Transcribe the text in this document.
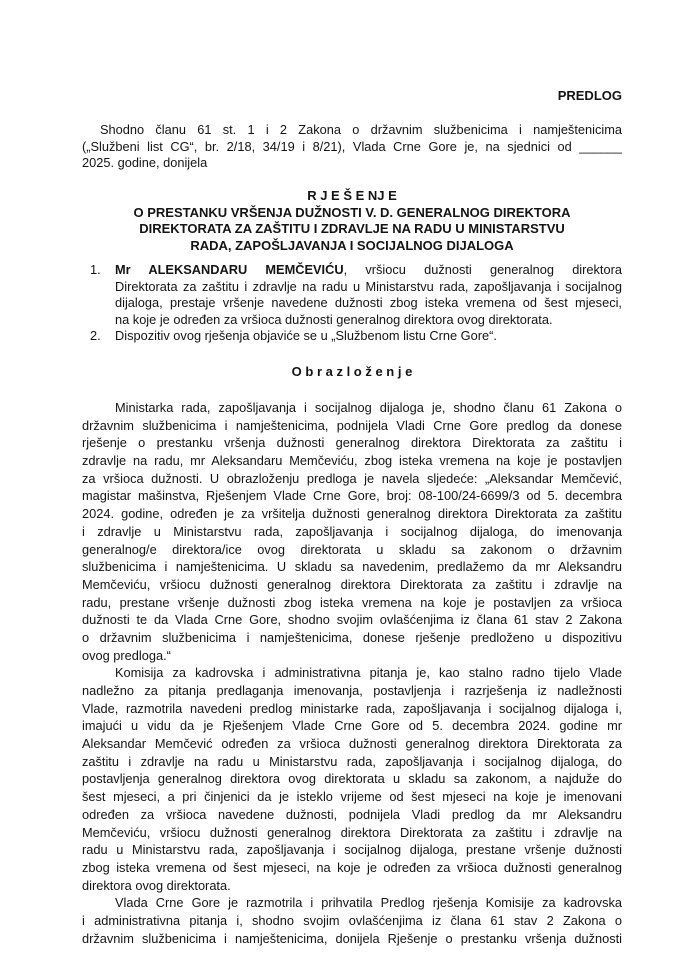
PREDLOG
Shodno članu 61 st. 1 i 2 Zakona o državnim službenicima i namještenicima
(„Službeni list CG“, br. 2/18, 34/19 i 8/21), Vlada Crne Gore je, na sjednici od ______
2025. godine, donijela
R J E Š E NJ E
O PRESTANKU VRŠENJA DUŽNOSTI V. D. GENERALNOG DIREKTORA
DIREKTORATA ZA ZAŠTITU I ZDRAVLJE NA RADU U MINISTARSTVU
RADA, ZAPOŠLJAVANJA I SOCIJALNOG DIJALOGA
1. Mr ALEKSANDARU MEMČEVIĆU, vršiocu dužnosti generalnog direktora
Direktorata za zaštitu i zdravlje na radu u Ministarstvu rada, zapošljavanja i socijalnog
dijaloga, prestaje vršenje navedene dužnosti zbog isteka vremena od šest mjeseci,
na koje je određen za vršioca dužnosti generalnog direktora ovog direktorata.
2. Dispozitiv ovog rješenja objaviće se u „Službenom listu Crne Gore“.
O b r a z l o ž e n j e
Ministarka rada, zapošljavanja i socijalnog dijaloga je, shodno članu 61 Zakona o
državnim službenicima i namještenicima, podnijela Vladi Crne Gore predlog da donese
rješenje o prestanku vršenja dužnosti generalnog direktora Direktorata za zaštitu i
zdravlje na radu, mr Aleksandaru Memčeviću, zbog isteka vremena na koje je postavljen
za vršioca dužnosti. U obrazloženju predloga je navela sljedeće: „Aleksandar Memčević,
magistar mašinstva, Rješenjem Vlade Crne Gore, broj: 08-100/24-6699/3 od 5. decembra
2024. godine, određen je za vršitelja dužnosti generalnog direktora Direktorata za zaštitu
i zdravlje u Ministarstvu rada, zapošljavanja i socijalnog dijaloga, do imenovanja
generalnog/e direktora/ice ovog direktorata u skladu sa zakonom o državnim
službenicima i namještenicima. U skladu sa navedenim, predlažemo da mr Aleksandru
Memčeviću, vršiocu dužnosti generalnog direktora Direktorata za zaštitu i zdravlje na
radu, prestane vršenje dužnosti zbog isteka vremena na koje je postavljen za vršioca
dužnosti te da Vlada Crne Gore, shodno svojim ovlašćenjima iz člana 61 stav 2 Zakona
o državnim službenicima i namještenicima, donese rješenje predloženo u dispozitivu
ovog predloga.“
Komisija za kadrovska i administrativna pitanja je, kao stalno radno tijelo Vlade
nadležno za pitanja predlaganja imenovanja, postavljenja i razrješenja iz nadležnosti
Vlade, razmotrila navedeni predlog ministarke rada, zapošljavanja i socijalnog dijaloga i,
imajući u vidu da je Rješenjem Vlade Crne Gore od 5. decembra 2024. godine mr
Aleksandar Memčević određen za vršioca dužnosti generalnog direktora Direktorata za
zaštitu i zdravlje na radu u Ministarstvu rada, zapošljavanja i socijalnog dijaloga, do
postavljenja generalnog direktora ovog direktorata u skladu sa zakonom, a najduže do
šest mjeseci, a pri činjenici da je isteklo vrijeme od šest mjeseci na koje je imenovani
određen za vršioca navedene dužnosti, podnijela Vladi predlog da mr Aleksandru
Memčeviću, vršiocu dužnosti generalnog direktora Direktorata za zaštitu i zdravlje na
radu u Ministarstvu rada, zapošljavanja i socijalnog dijaloga, prestane vršenje dužnosti
zbog isteka vremena od šest mjeseci, na koje je određen za vršioca dužnosti generalnog
direktora ovog direktorata.
Vlada Crne Gore je razmotrila i prihvatila Predlog rješenja Komisije za kadrovska
i administrativna pitanja i, shodno svojim ovlašćenjima iz člana 61 stav 2 Zakona o
državnim službenicima i namještenicima, donijela Rješenje o prestanku vršenja dužnosti
